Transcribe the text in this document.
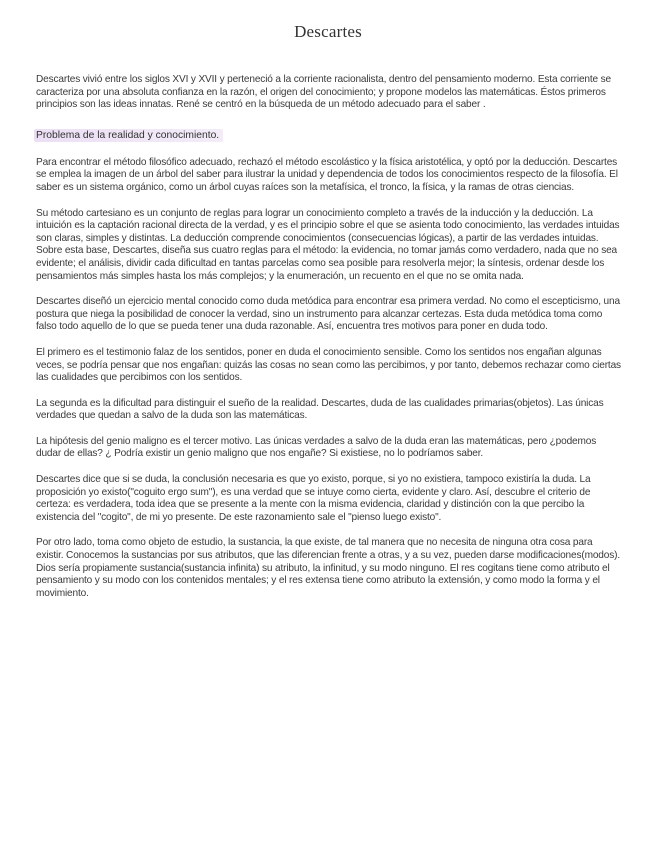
Descartes

Descartes vivió entre los siglos XVI y XVII y perteneció a la corriente racionalista, dentro del pensamiento moderno. Esta corriente se caracteriza por una absoluta confianza en la razón, el origen del conocimiento; y propone modelos las matemáticas. Éstos primeros principios son las ideas innatas. René se centró en la búsqueda de un método adecuado para el saber .

Problema de la realidad y conocimiento.

Para encontrar el método filosófico adecuado, rechazó el método escolástico y la física aristotélica, y optó por la deducción. Descartes se emplea la imagen de un árbol del saber para ilustrar la unidad y dependencia de todos los conocimientos respecto de la filosofía. El saber es un sistema orgánico, como un árbol cuyas raíces son la metafísica, el tronco, la física, y la ramas de otras ciencias.

Su método cartesiano es un conjunto de reglas para lograr un conocimiento completo a través de la inducción y la deducción. La intuición es la captación racional directa de la verdad, y es el principio sobre el que se asienta todo conocimiento, las verdades intuidas son claras, simples y distintas. La deducción comprende conocimientos (consecuencias lógicas), a partir de las verdades intuidas. Sobre esta base, Descartes, diseña sus cuatro reglas para el método: la evidencia, no tomar jamás como verdadero, nada que no sea evidente; el análisis, dividir cada dificultad en tantas parcelas como sea posible para resolverla mejor; la síntesis, ordenar desde los pensamientos más simples hasta los más complejos; y la enumeración, un recuento en el que no se omita nada.

Descartes diseñó un ejercicio mental conocido como duda metódica para encontrar esa primera verdad. No como el escepticismo, una postura que niega la posibilidad de conocer la verdad, sino un instrumento para alcanzar certezas. Esta duda metódica toma como falso todo aquello de lo que se pueda tener una duda razonable. Así, encuentra tres motivos para poner en duda todo.

El primero es el testimonio falaz de los sentidos, poner en duda el conocimiento sensible. Como los sentidos nos engañan algunas veces, se podría pensar que nos engañan: quizás las cosas no sean como las percibimos, y por tanto, debemos rechazar como ciertas las cualidades que percibimos con los sentidos.

La segunda es la dificultad para distinguir el sueño de la realidad. Descartes, duda de las cualidades primarias(objetos). Las únicas verdades que quedan a salvo de la duda son las matemáticas.

La hipótesis del genio maligno es el tercer motivo. Las únicas verdades a salvo de la duda eran las matemáticas, pero ¿podemos dudar de ellas? ¿ Podría existir un genio maligno que nos engañe? Si existiese, no lo podríamos saber.

Descartes dice que si se duda, la conclusión necesaria es que yo existo, porque, si yo no existiera, tampoco existiría la duda. La proposición yo existo("coguito ergo sum"), es una verdad que se intuye como cierta, evidente y claro. Así, descubre el criterio de certeza: es verdadera, toda idea que se presente a la mente con la misma evidencia, claridad y distinción con la que percibo la existencia del "cogito", de mi yo presente. De este razonamiento sale el "pienso luego existo".

Por otro lado, toma como objeto de estudio, la sustancia, la que existe, de tal manera que no necesita de ninguna otra cosa para existir. Conocemos la sustancias por sus atributos, que las diferencian frente a otras, y a su vez, pueden darse modificaciones(modos). Dios sería propiamente sustancia(sustancia infinita) su atributo, la infinitud, y su modo ninguno. El res cogitans tiene como atributo el pensamiento y su modo con los contenidos mentales; y el res extensa tiene como atributo la extensión, y como modo la forma y el movimiento.
